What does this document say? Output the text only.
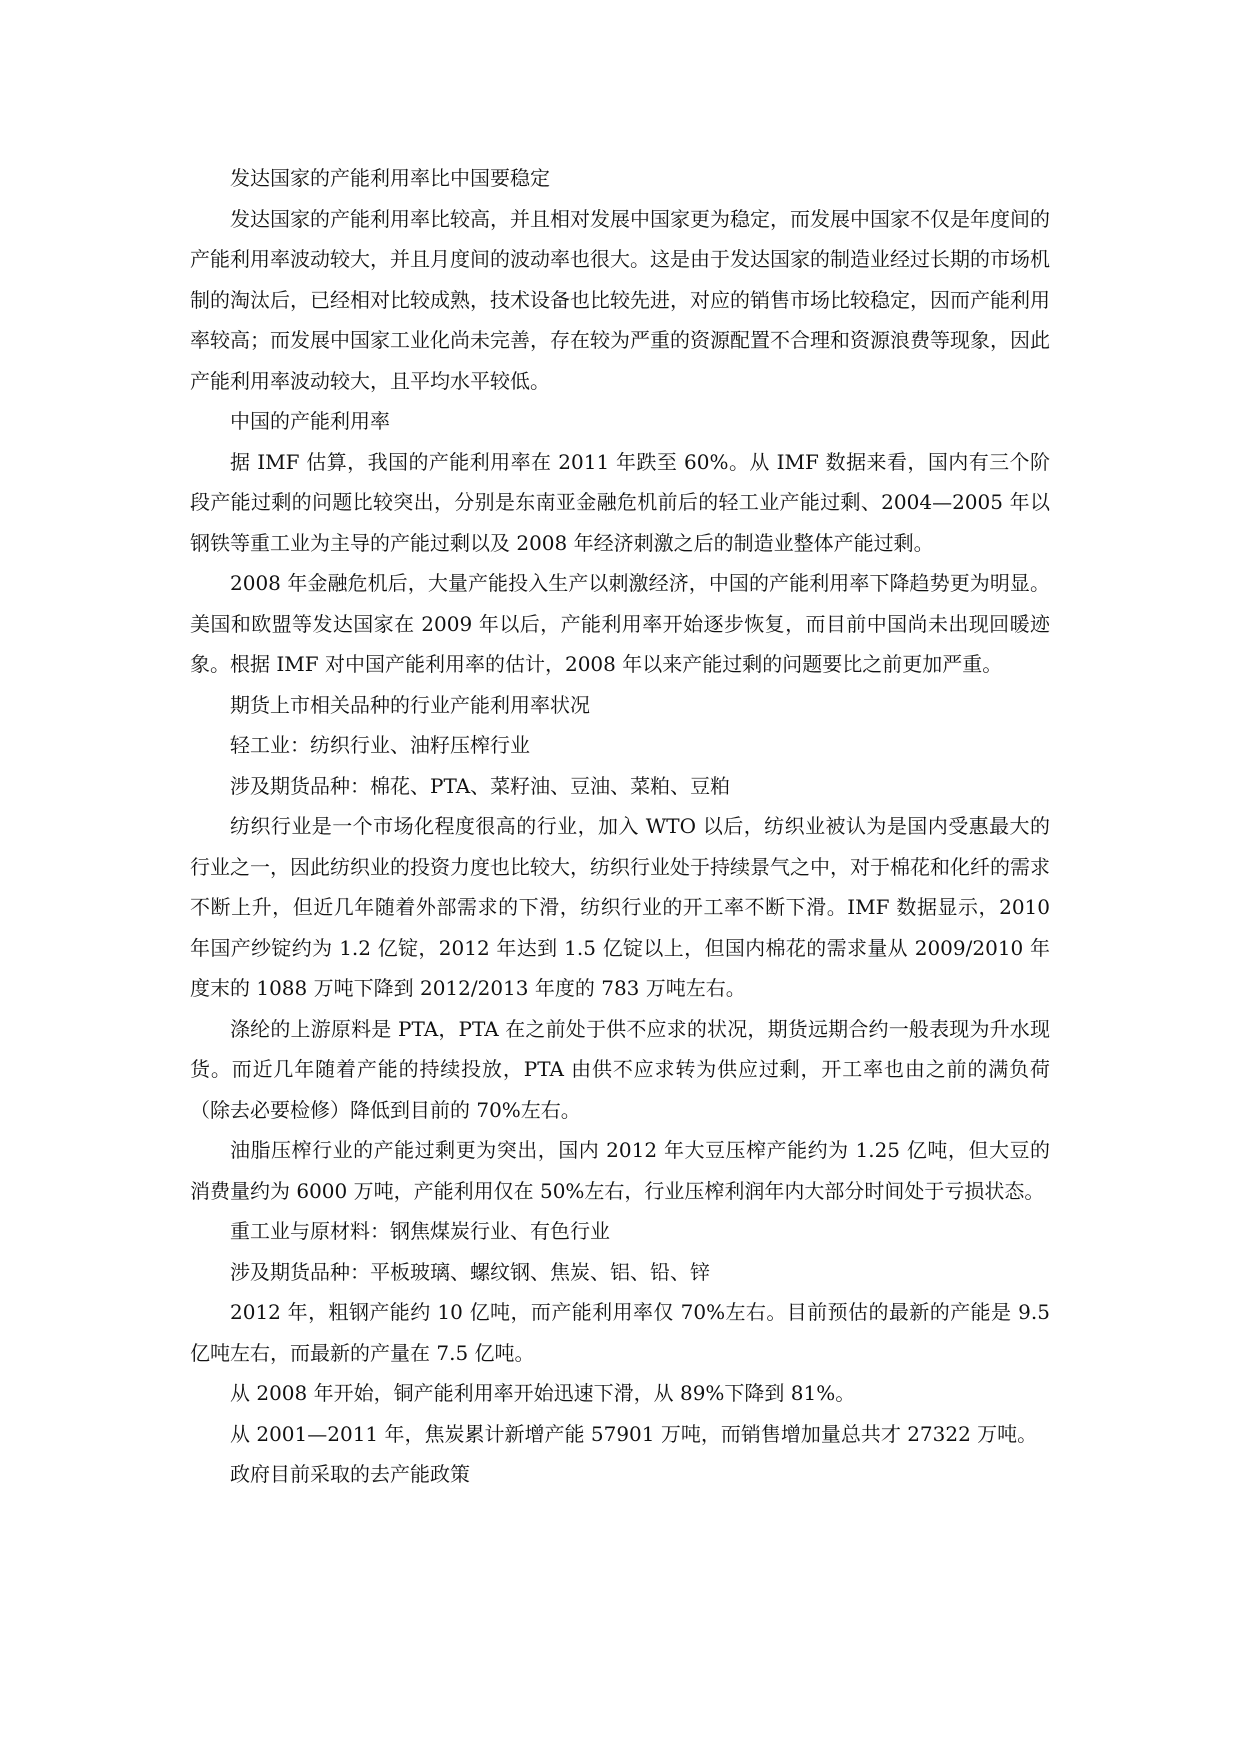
发达国家的产能利用率比中国要稳定

发达国家的产能利用率比较高，并且相对发展中国家更为稳定，而发展中国家不仅是年度间的产能利用率波动较大，并且月度间的波动率也很大。这是由于发达国家的制造业经过长期的市场机制的淘汰后，已经相对比较成熟，技术设备也比较先进，对应的销售市场比较稳定，因而产能利用率较高；而发展中国家工业化尚未完善，存在较为严重的资源配置不合理和资源浪费等现象，因此产能利用率波动较大，且平均水平较低。

中国的产能利用率

据 IMF 估算，我国的产能利用率在 2011 年跌至 60%。从 IMF 数据来看，国内有三个阶段产能过剩的问题比较突出，分别是东南亚金融危机前后的轻工业产能过剩、2004—2005 年以钢铁等重工业为主导的产能过剩以及 2008 年经济刺激之后的制造业整体产能过剩。

2008 年金融危机后，大量产能投入生产以刺激经济，中国的产能利用率下降趋势更为明显。美国和欧盟等发达国家在 2009 年以后，产能利用率开始逐步恢复，而目前中国尚未出现回暖迹象。根据 IMF 对中国产能利用率的估计，2008 年以来产能过剩的问题要比之前更加严重。

期货上市相关品种的行业产能利用率状况

轻工业：纺织行业、油籽压榨行业

涉及期货品种：棉花、PTA、菜籽油、豆油、菜粕、豆粕

纺织行业是一个市场化程度很高的行业，加入 WTO 以后，纺织业被认为是国内受惠最大的行业之一，因此纺织业的投资力度也比较大，纺织行业处于持续景气之中，对于棉花和化纤的需求不断上升，但近几年随着外部需求的下滑，纺织行业的开工率不断下滑。IMF 数据显示，2010 年国产纱锭约为 1.2 亿锭，2012 年达到 1.5 亿锭以上，但国内棉花的需求量从 2009/2010 年度末的 1088 万吨下降到 2012/2013 年度的 783 万吨左右。

涤纶的上游原料是 PTA，PTA 在之前处于供不应求的状况，期货远期合约一般表现为升水现货。而近几年随着产能的持续投放，PTA 由供不应求转为供应过剩，开工率也由之前的满负荷（除去必要检修）降低到目前的 70%左右。

油脂压榨行业的产能过剩更为突出，国内 2012 年大豆压榨产能约为 1.25 亿吨，但大豆的消费量约为 6000 万吨，产能利用仅在 50%左右，行业压榨利润年内大部分时间处于亏损状态。

重工业与原材料：钢焦煤炭行业、有色行业

涉及期货品种：平板玻璃、螺纹钢、焦炭、铝、铅、锌

2012 年，粗钢产能约 10 亿吨，而产能利用率仅 70%左右。目前预估的最新的产能是 9.5 亿吨左右，而最新的产量在 7.5 亿吨。

从 2008 年开始，铜产能利用率开始迅速下滑，从 89%下降到 81%。

从 2001—2011 年，焦炭累计新增产能 57901 万吨，而销售增加量总共才 27322 万吨。

政府目前采取的去产能政策
